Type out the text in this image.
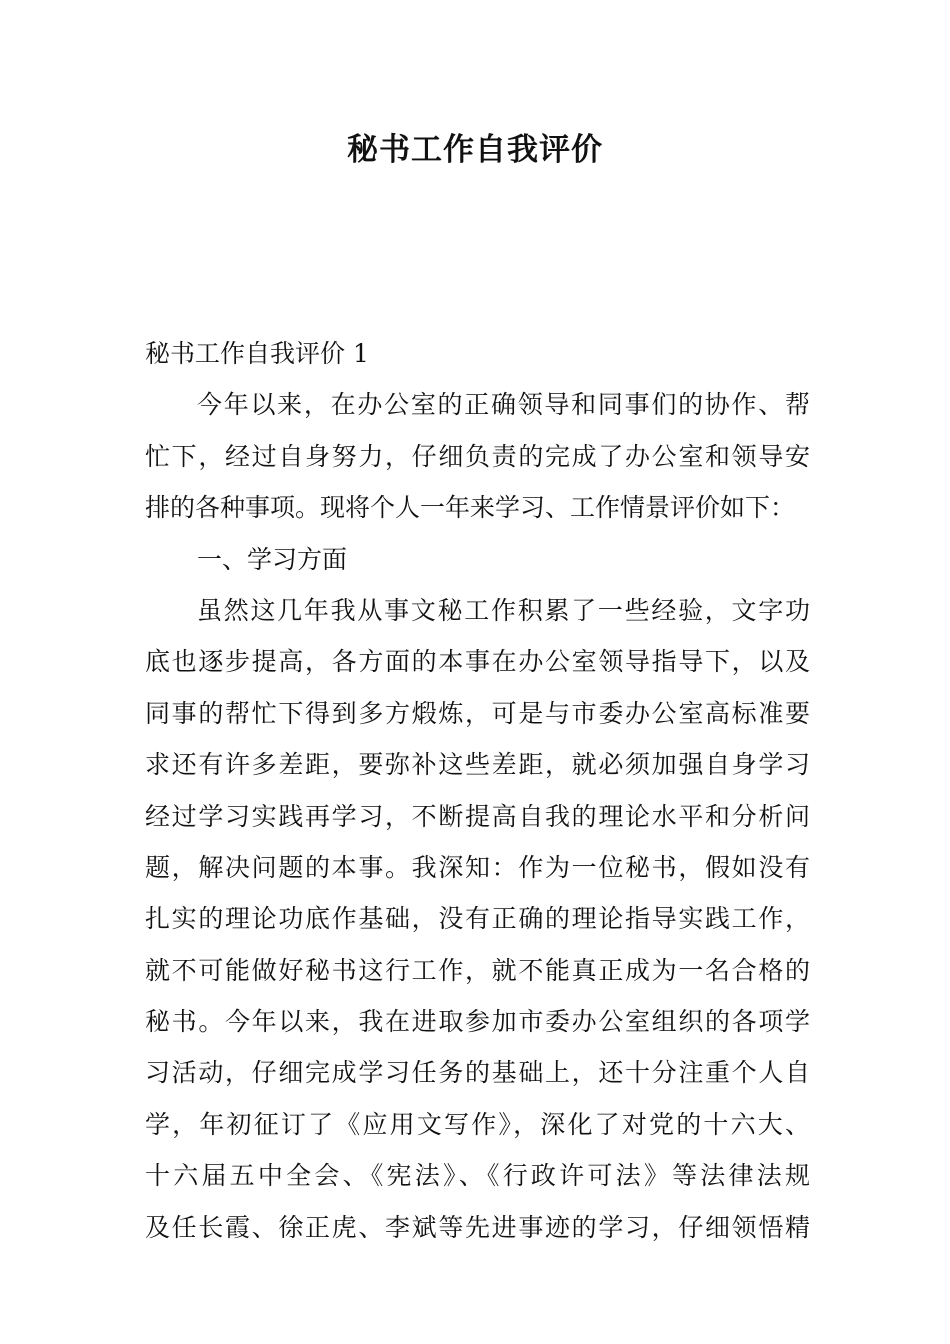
秘书工作自我评价
秘书工作自我评价 1
今年以来，在办公室的正确领导和同事们的协作、帮
忙下，经过自身努力，仔细负责的完成了办公室和领导安
排的各种事项。现将个人一年来学习、工作情景评价如下：
一、学习方面
虽然这几年我从事文秘工作积累了一些经验，文字功
底也逐步提高，各方面的本事在办公室领导指导下，以及
同事的帮忙下得到多方煅炼，可是与市委办公室高标准要
求还有许多差距，要弥补这些差距，就必须加强自身学习
经过学习实践再学习，不断提高自我的理论水平和分析问
题，解决问题的本事。我深知：作为一位秘书，假如没有
扎实的理论功底作基础，没有正确的理论指导实践工作，
就不可能做好秘书这行工作，就不能真正成为一名合格的
秘书。今年以来，我在进取参加市委办公室组织的各项学
习活动，仔细完成学习任务的基础上，还十分注重个人自
学，年初征订了《应用文写作》，深化了对党的十六大、
十六届五中全会、《宪法》、《行政许可法》等法律法规
及任长霞、徐正虎、李斌等先进事迹的学习，仔细领悟精
